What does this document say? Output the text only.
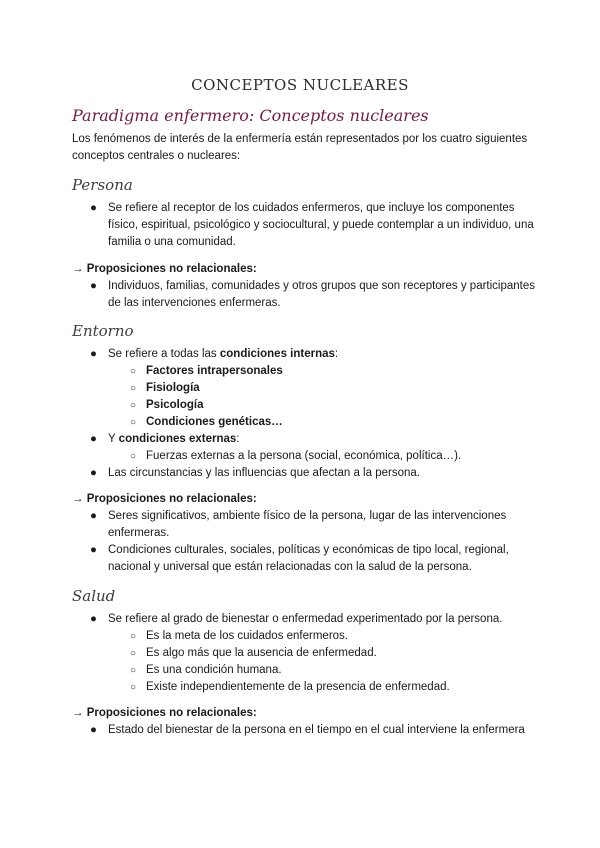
CONCEPTOS NUCLEARES
Paradigma enfermero: Conceptos nucleares
Los fenómenos de interés de la enfermería están representados por los cuatro siguientes
conceptos centrales o nucleares:
Persona
● Se refiere al receptor de los cuidados enfermeros, que incluye los componentes
físico, espiritual, psicológico y sociocultural, y puede contemplar a un individuo, una
familia o una comunidad.
→ Proposiciones no relacionales:
● Individuos, familias, comunidades y otros grupos que son receptores y participantes
de las intervenciones enfermeras.
Entorno
● Se refiere a todas las condiciones internas:
○ Factores intrapersonales
○ Fisiología
○ Psicología
○ Condiciones genéticas…
● Y condiciones externas:
○ Fuerzas externas a la persona (social, económica, política…).
● Las circunstancias y las influencias que afectan a la persona.
→ Proposiciones no relacionales:
● Seres significativos, ambiente físico de la persona, lugar de las intervenciones
enfermeras.
● Condiciones culturales, sociales, políticas y económicas de tipo local, regional,
nacional y universal que están relacionadas con la salud de la persona.
Salud
● Se refiere al grado de bienestar o enfermedad experimentado por la persona.
○ Es la meta de los cuidados enfermeros.
○ Es algo más que la ausencia de enfermedad.
○ Es una condición humana.
○ Existe independientemente de la presencia de enfermedad.
→ Proposiciones no relacionales:
● Estado del bienestar de la persona en el tiempo en el cual interviene la enfermera
